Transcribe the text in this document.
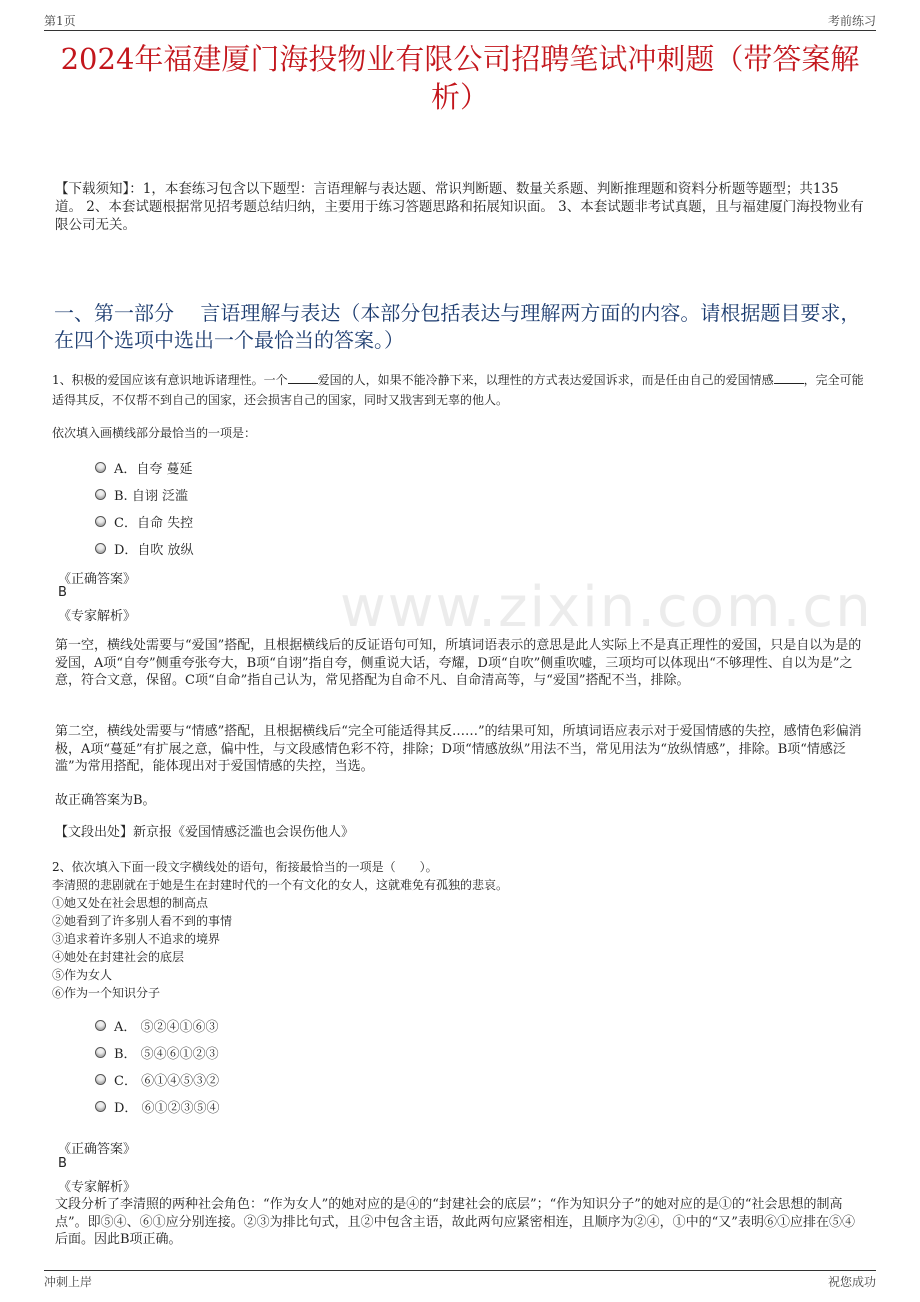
第1页	考前练习
2024年福建厦门海投物业有限公司招聘笔试冲刺题（带答案解析）
【下载须知】：1，本套练习包含以下题型：言语理解与表达题、常识判断题、数量关系题、判断推理题和资料分析题等题型；共135道。 2、本套试题根据常见招考题总结归纳，主要用于练习答题思路和拓展知识面。 3、本套试题非考试真题，且与福建厦门海投物业有限公司无关。
一、第一部分　 言语理解与表达（本部分包括表达与理解两方面的内容。请根据题目要求，在四个选项中选出一个最恰当的答案。）
www.zixin.com.cn
1、积极的爱国应该有意识地诉诸理性。一个	爱国的人，如果不能冷静下来，以理性的方式表达爱国诉求，而是任由自己的爱国情感	，完全可能适得其反，不仅帮不到自己的国家，还会损害自己的国家，同时又戕害到无辜的他人。
依次填入画横线部分最恰当的一项是：
A．自夸 蔓延
B. 自诩 泛滥
C．自命 失控
D．自吹 放纵
《正确答案》
B
《专家解析》
第一空，横线处需要与“爱国”搭配，且根据横线后的反证语句可知，所填词语表示的意思是此人实际上不是真正理性的爱国，只是自以为是的爱国，A项“自夸”侧重夸张夸大，B项“自诩”指自夸，侧重说大话，夸耀，D项“自吹”侧重吹嘘，三项均可以体现出“不够理性、自以为是”之意，符合文意，保留。C项“自命”指自己认为，常见搭配为自命不凡、自命清高等，与“爱国”搭配不当，排除。
第二空，横线处需要与“情感”搭配，且根据横线后“完全可能适得其反……”的结果可知，所填词语应表示对于爱国情感的失控，感情色彩偏消极，A项“蔓延”有扩展之意，偏中性，与文段感情色彩不符，排除；D项“情感放纵”用法不当，常见用法为“放纵情感”，排除。B项“情感泛滥”为常用搭配，能体现出对于爱国情感的失控，当选。
故正确答案为B。
【文段出处】新京报《爱国情感泛滥也会误伤他人》
2、依次填入下面一段文字横线处的语句，衔接最恰当的一项是（　　）。
李清照的悲剧就在于她是生在封建时代的一个有文化的女人，这就难免有孤独的悲哀。
①她又处在社会思想的制高点
②她看到了许多别人看不到的事情
③追求着许多别人不追求的境界
④她处在封建社会的底层
⑤作为女人
⑥作为一个知识分子
A． ⑤②④①⑥③
B． ⑤④⑥①②③
C． ⑥①④⑤③②
D． ⑥①②③⑤④
《正确答案》
B
《专家解析》
文段分析了李清照的两种社会角色：“作为女人”的她对应的是④的“封建社会的底层”；“作为知识分子”的她对应的是①的“社会思想的制高点”。即⑤④、⑥①应分别连接。②③为排比句式，且②中包含主语，故此两句应紧密相连，且顺序为②④，①中的“又”表明⑥①应排在⑤④后面。因此B项正确。
冲刺上岸	祝您成功
